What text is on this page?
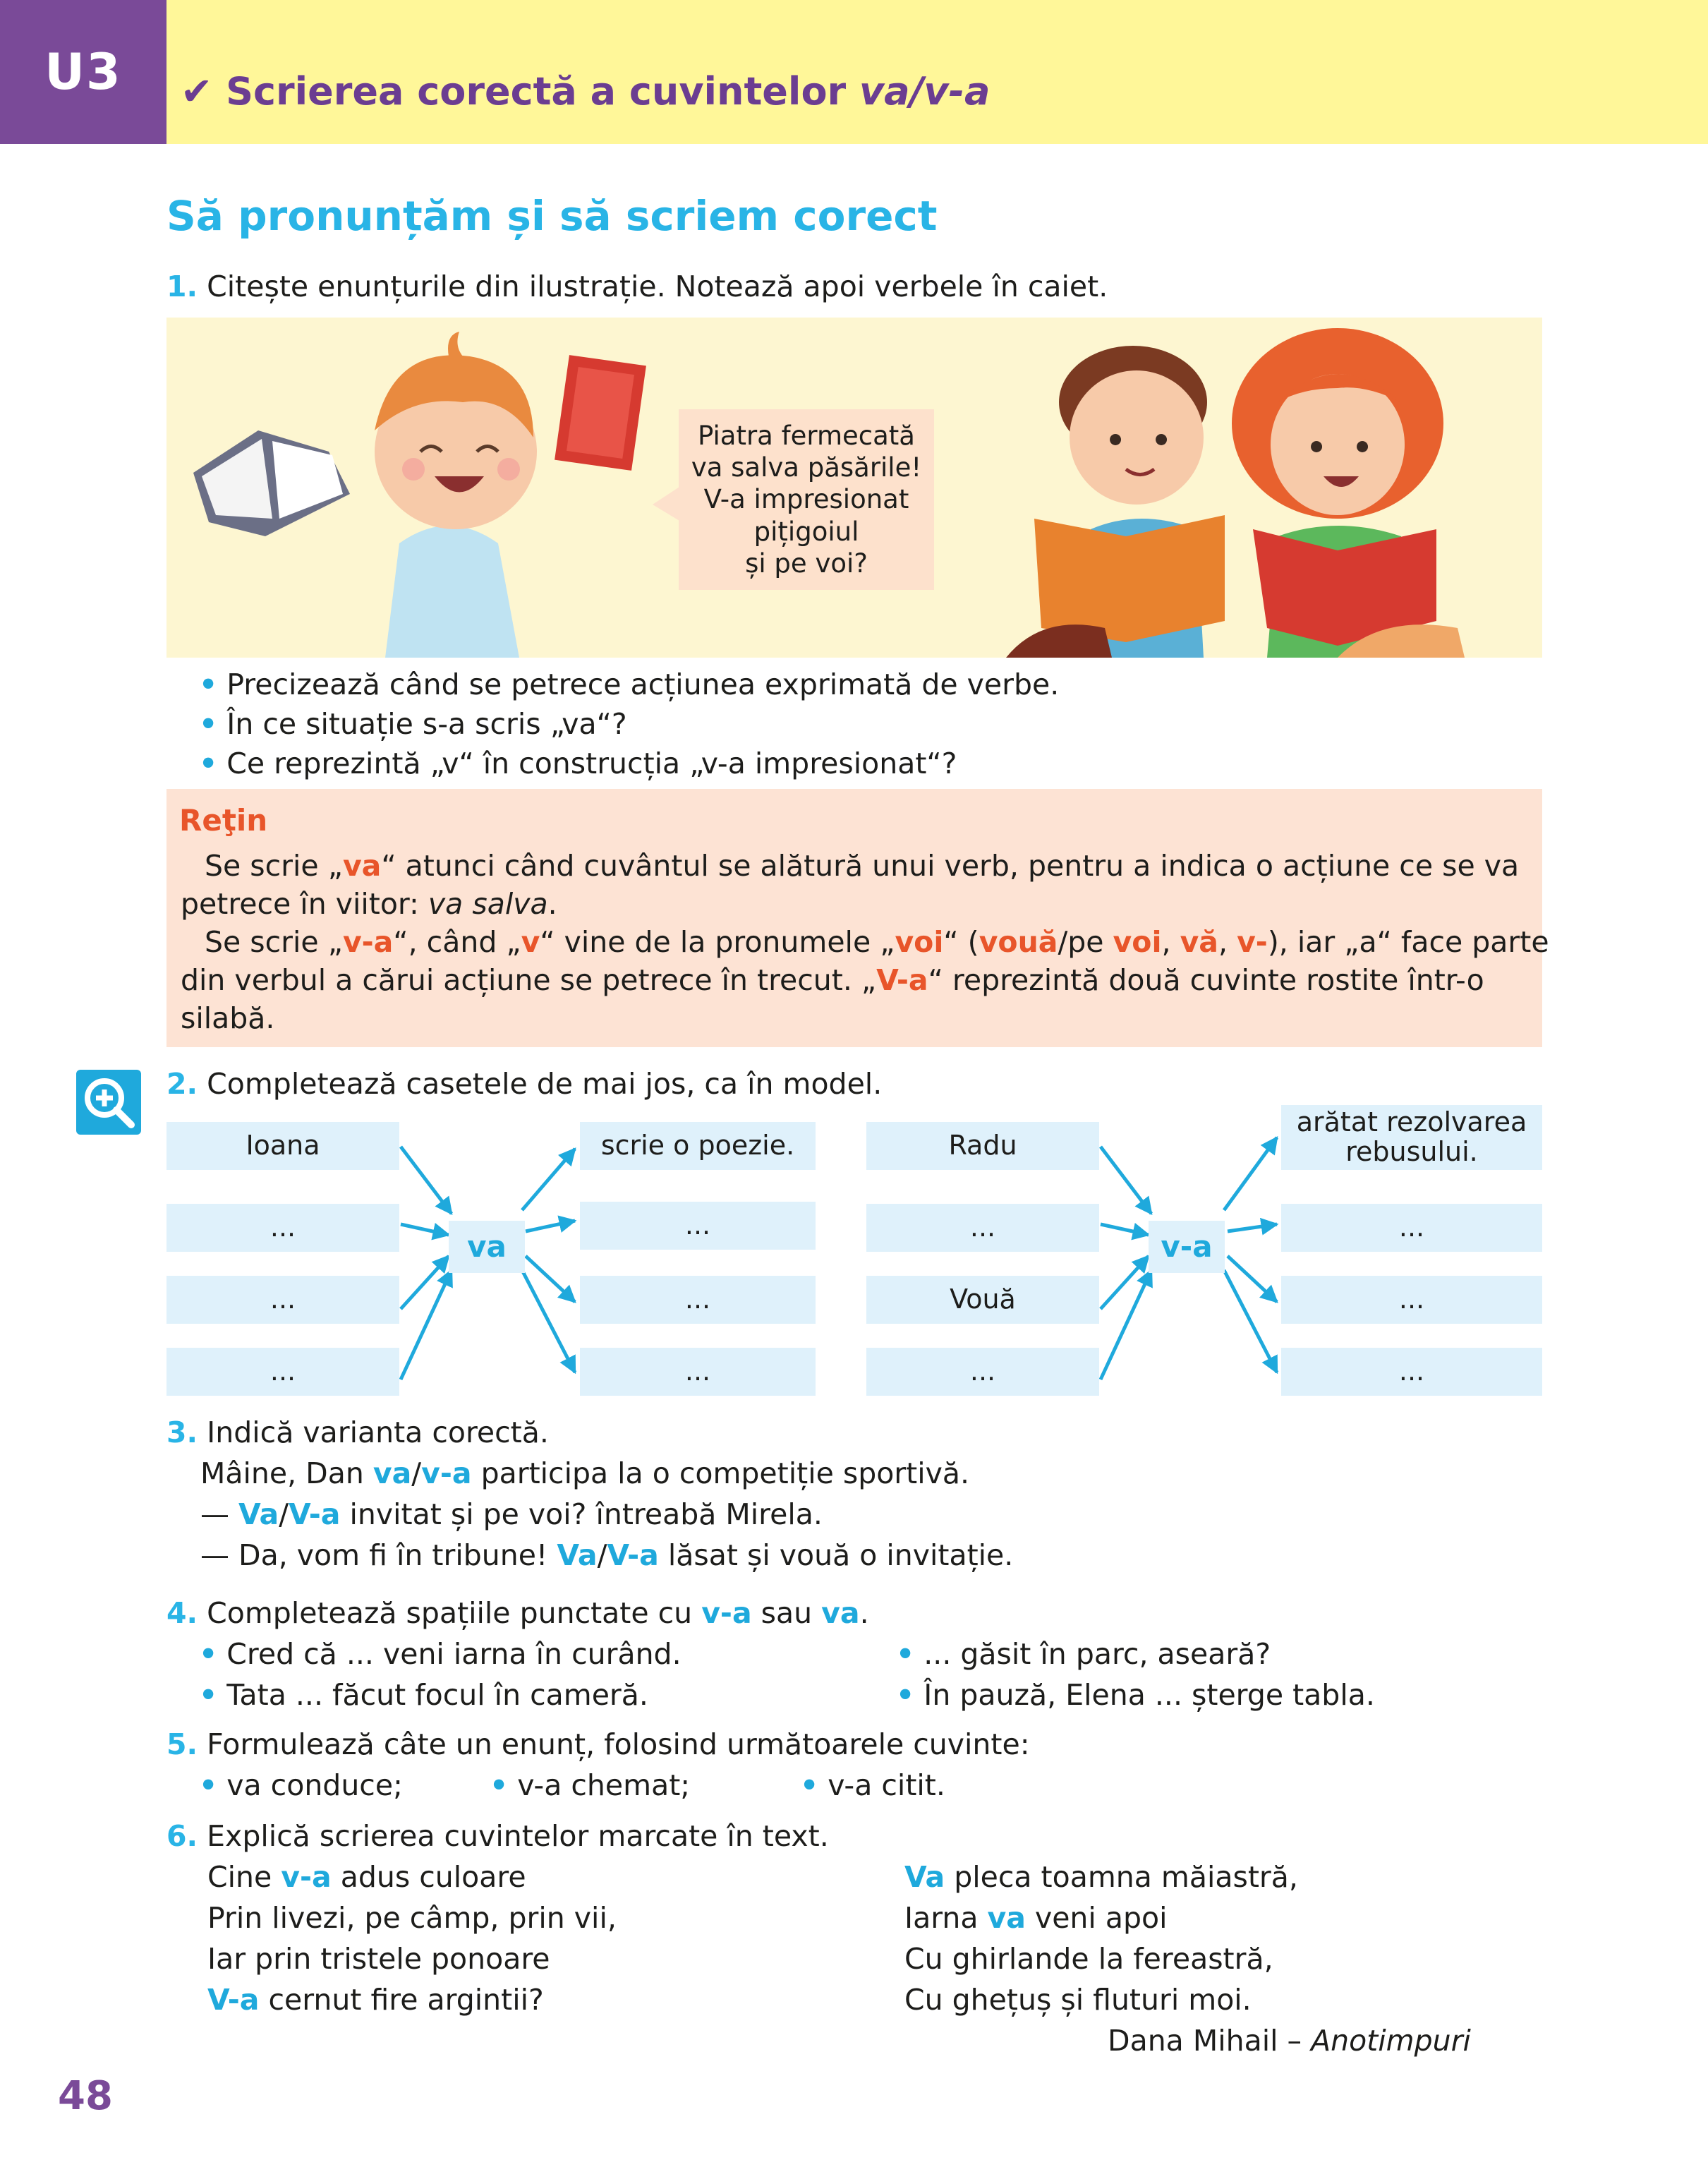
U3	✔ Scrierea corectă a cuvintelor va/v-a
Să pronunțăm și să scriem corect
1. Citește enunțurile din ilustrație. Notează apoi verbele în caiet.
Piatra fermecată
va salva păsările!
V-a impresionat
pițigoiul
și pe voi?
• Precizează când se petrece acțiunea exprimată de verbe.
• În ce situație s-a scris „va“?
• Ce reprezintă „v“ în construcția „v-a impresionat“?
Reţin
Se scrie „va“ atunci când cuvântul se alătură unui verb, pentru a indica o acțiune ce se va
petrece în viitor: va salva.
Se scrie „v-a“, când „v“ vine de la pronumele „voi“ (vouă/pe voi, vă, v-), iar „a“ face parte
din verbul a cărui acțiune se petrece în trecut. „V-a“ reprezintă două cuvinte rostite într-o
silabă.
2. Completează casetele de mai jos, ca în model.
Ioana
...
...
...
va
scrie o poezie.
...
...
...
Radu
...
Vouă
...
v-a
arătat rezolvarea rebusului.
...
...
...
3. Indică varianta corectă.
Mâine, Dan va/v-a participa la o competiție sportivă.
— Va/V-a invitat și pe voi? întreabă Mirela.
— Da, vom fi în tribune! Va/V-a lăsat și vouă o invitație.
4. Completează spațiile punctate cu v-a sau va.
• Cred că ... veni iarna în curând.	• ... găsit în parc, aseară?
• Tata ... făcut focul în cameră.	• În pauză, Elena ... șterge tabla.
5. Formulează câte un enunț, folosind următoarele cuvinte:
• va conduce;	• v-a chemat;	• v-a citit.
6. Explică scrierea cuvintelor marcate în text.
Cine v-a adus culoare
Prin livezi, pe câmp, prin vii,
Iar prin tristele ponoare
V-a cernut fire argintii?
Va pleca toamna măiastră,
Iarna va veni apoi
Cu ghirlande la fereastră,
Cu ghețuș și fluturi moi.
Dana Mihail – Anotimpuri
48
